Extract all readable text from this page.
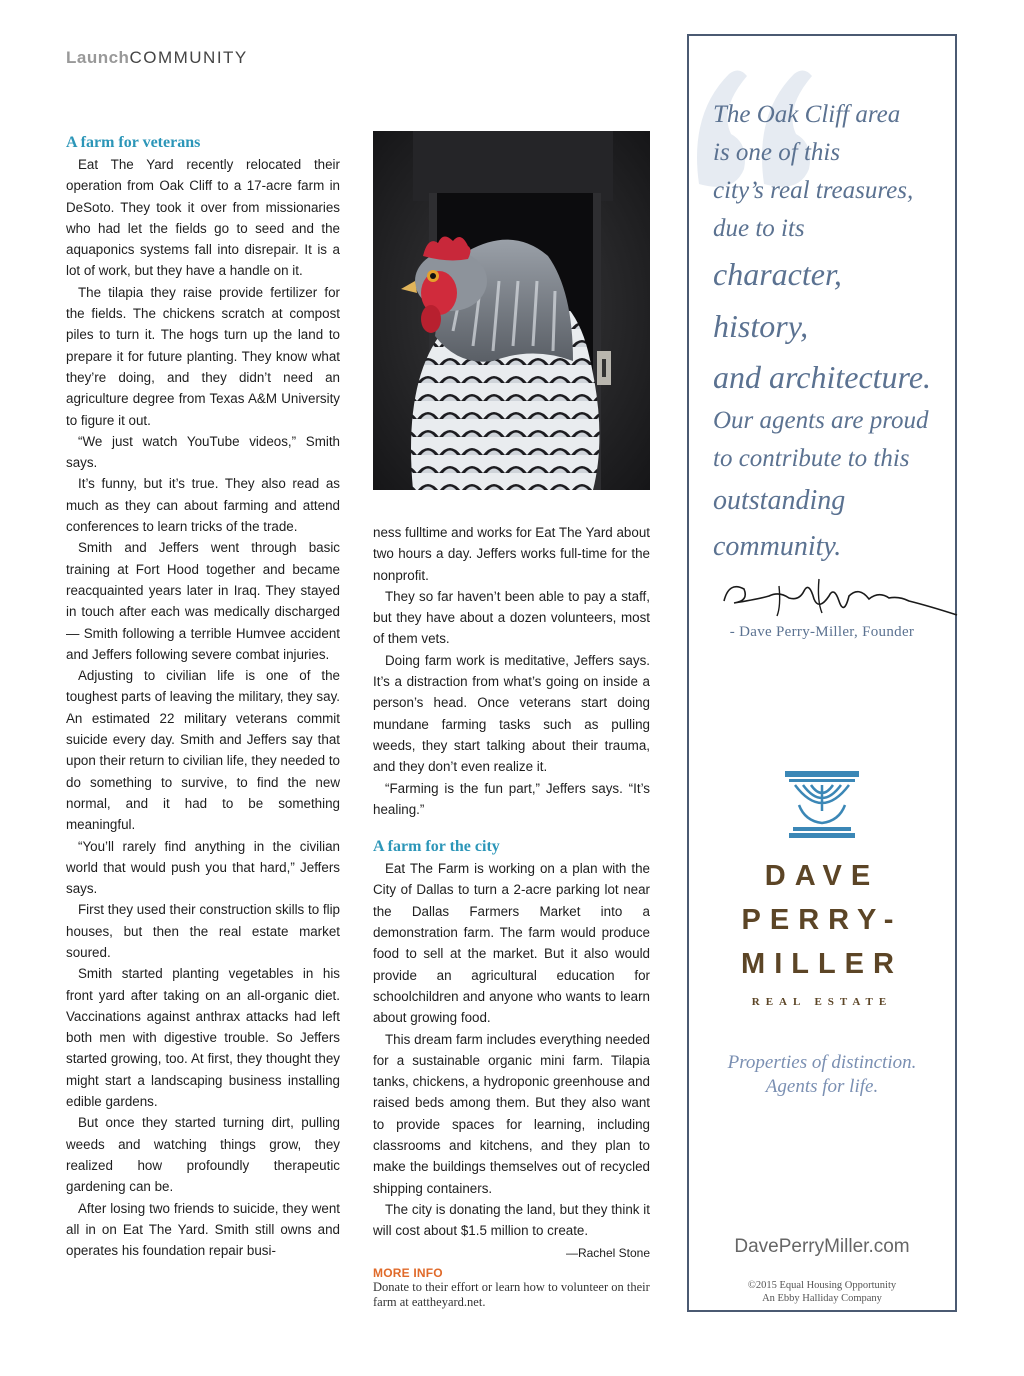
LaunchCOMMUNITY
A farm for veterans

Eat The Yard recently relocated their operation from Oak Cliff to a 17-acre farm in DeSoto. They took it over from missionaries who had let the fields go to seed and the aquaponics systems fall into disrepair. It is a lot of work, but they have a handle on it.

The tilapia they raise provide fertilizer for the fields. The chickens scratch at compost piles to turn it. The hogs turn up the land to prepare it for future planting. They know what they’re doing, and they didn’t need an agriculture degree from Texas A&M University to figure it out.

“We just watch YouTube videos,” Smith says.

It’s funny, but it’s true. They also read as much as they can about farming and attend conferences to learn tricks of the trade.

Smith and Jeffers went through basic training at Fort Hood together and became reacquainted years later in Iraq. They stayed in touch after each was medically discharged — Smith following a terrible Humvee accident and Jeffers following severe combat injuries.

Adjusting to civilian life is one of the toughest parts of leaving the military, they say. An estimated 22 military veterans commit suicide every day. Smith and Jeffers say that upon their return to civilian life, they needed to do something to survive, to find the new normal, and it had to be something meaningful.

“You’ll rarely find anything in the civilian world that would push you that hard,” Jeffers says.

First they used their construction skills to flip houses, but then the real estate market soured.

Smith started planting vegetables in his front yard after taking on an all-organic diet. Vaccinations against anthrax attacks had left both men with digestive trouble. So Jeffers started growing, too. At first, they thought they might start a landscaping business installing edible gardens.

But once they started turning dirt, pulling weeds and watching things grow, they realized how profoundly therapeutic gardening can be.

After losing two friends to suicide, they went all in on Eat The Yard. Smith still owns and operates his foundation repair busi-

ness fulltime and works for Eat The Yard about two hours a day. Jeffers works full-time for the nonprofit.

They so far haven’t been able to pay a staff, but they have about a dozen volunteers, most of them vets.

Doing farm work is meditative, Jeffers says. It’s a distraction from what’s going on inside a person’s head. Once veterans start doing mundane farming tasks such as pulling weeds, they start talking about their trauma, and they don’t even realize it.

“Farming is the fun part,” Jeffers says. “It’s healing.”

A farm for the city

Eat The Farm is working on a plan with the City of Dallas to turn a 2-acre parking lot near the Dallas Farmers Market into a demonstration farm. The farm would produce food to sell at the market. But it also would provide an agricultural education for schoolchildren and anyone who wants to learn about growing food.

This dream farm includes everything needed for a sustainable organic mini farm. Tilapia tanks, chickens, a hydroponic greenhouse and raised beds among them. But they also want to provide spaces for learning, including classrooms and kitchens, and they plan to make the buildings themselves out of recycled shipping containers.

The city is donating the land, but they think it will cost about $1.5 million to create.

—Rachel Stone
MORE INFO
Donate to their effort or learn how to volunteer on their farm at eattheyard.net.
The Oak Cliff area
is one of this
city’s real treasures,
due to its
character,
history,
and architecture.
Our agents are proud
to contribute to this
outstanding
community.
- Dave Perry-Miller, Founder
DAVE
PERRY-
MILLER
REAL ESTATE
Properties of distinction.
Agents for life.
DavePerryMiller.com
©2015 Equal Housing Opportunity
An Ebby Halliday Company
